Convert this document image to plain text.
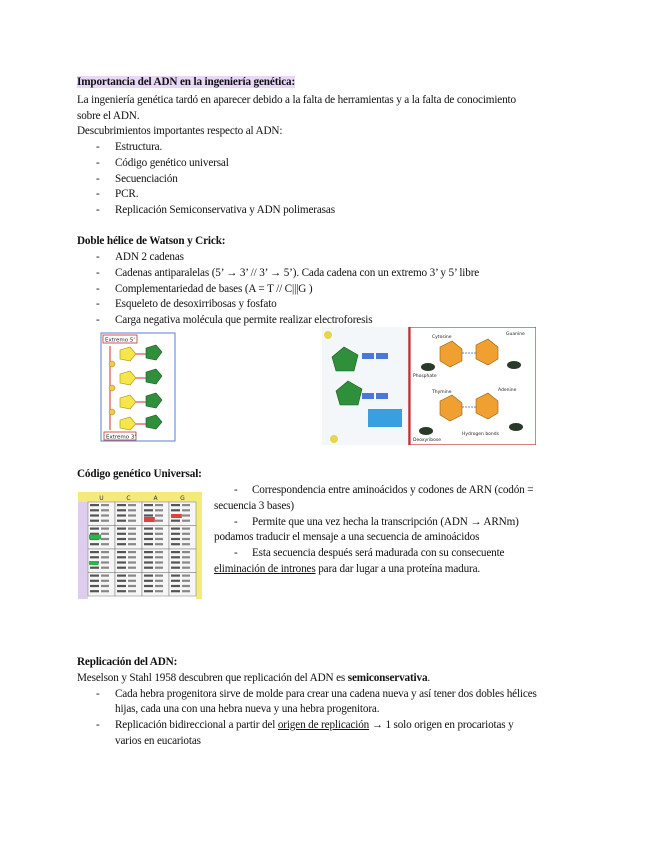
Importancia del ADN en la ingeniería genética:
La ingeniería genética tardó en aparecer debido a la falta de herramientas y a la falta de conocimiento
sobre el ADN.
Descubrimientos importantes respecto al ADN:
- Estructura.
- Código genético universal
- Secuenciación
- PCR.
- Replicación Semiconservativa y ADN polimerasas
Doble hélice de Watson y Crick:
- ADN 2 cadenas
- Cadenas antiparalelas (5’ → 3’ // 3’ → 5’). Cada cadena con un extremo 3’ y 5’ libre
- Complementariedad de bases (A = T // C|||G )
- Esqueleto de desoxirribosas y fosfato
- Carga negativa molécula que permite realizar electroforesis
Extremo 5'
Extremo 3'
Cytosine
Guanine
Thymine	Adenine
Phosphate
Deoxyribose
Hydrogen bonds
Código genético Universal:
U	C	A	G
- Correspondencia entre aminoácidos y codones de ARN (codón =
secuencia 3 bases)
- Permite que una vez hecha la transcripción (ADN → ARNm)
podamos traducir el mensaje a una secuencia de aminoácidos
- Esta secuencia después será madurada con su consecuente
eliminación de intrones para dar lugar a una proteína madura.
Replicación del ADN:
Meselson y Stahl 1958 descubren que replicación del ADN es semiconservativa.
- Cada hebra progenitora sirve de molde para crear una cadena nueva y así tener dos dobles hélices
hijas, cada una con una hebra nueva y una hebra progenitora.
- Replicación bidireccional a partir del origen de replicación → 1 solo origen en procariotas y
varios en eucariotas
